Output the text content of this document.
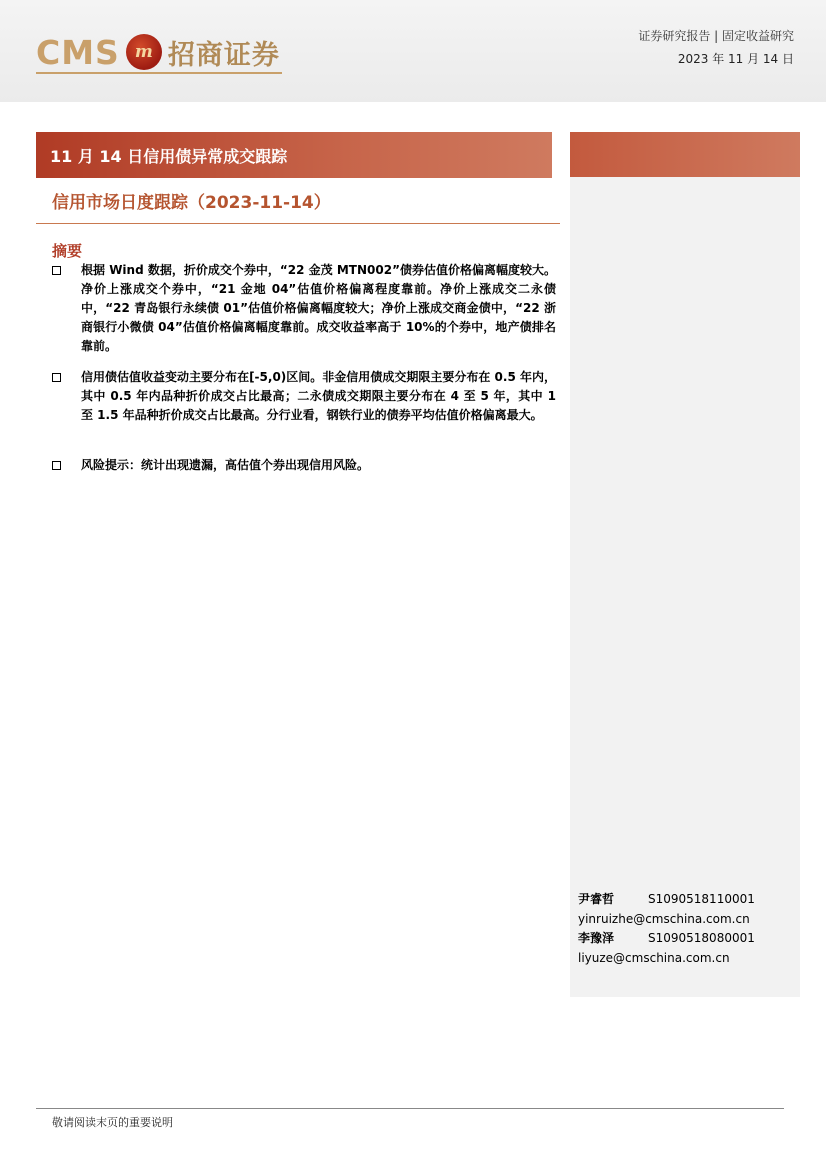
CMS m 招商证券
证券研究报告 | 固定收益研究
2023 年 11 月 14 日
11 月 14 日信用债异常成交跟踪
信用市场日度跟踪（2023-11-14）
摘要
根据 Wind 数据，折价成交个券中，“22 金茂 MTN002”债券估值价格偏离幅度较大。净价上涨成交个券中，“21 金地 04”估值价格偏离程度靠前。净价上涨成交二永债中，“22 青岛银行永续债 01”估值价格偏离幅度较大；净价上涨成交商金债中，“22 浙商银行小微债 04”估值价格偏离幅度靠前。成交收益率高于 10%的个券中，地产债排名靠前。
信用债估值收益变动主要分布在[-5,0)区间。非金信用债成交期限主要分布在 0.5 年内，其中 0.5 年内品种折价成交占比最高；二永债成交期限主要分布在 4 至 5 年，其中 1 至 1.5 年品种折价成交占比最高。分行业看，钢铁行业的债券平均估值价格偏离最大。
风险提示：统计出现遗漏，高估值个券出现信用风险。
尹睿哲	S1090518110001
yinruizhe@cmschina.com.cn
李豫泽	S1090518080001
liyuze@cmschina.com.cn
敬请阅读末页的重要说明
